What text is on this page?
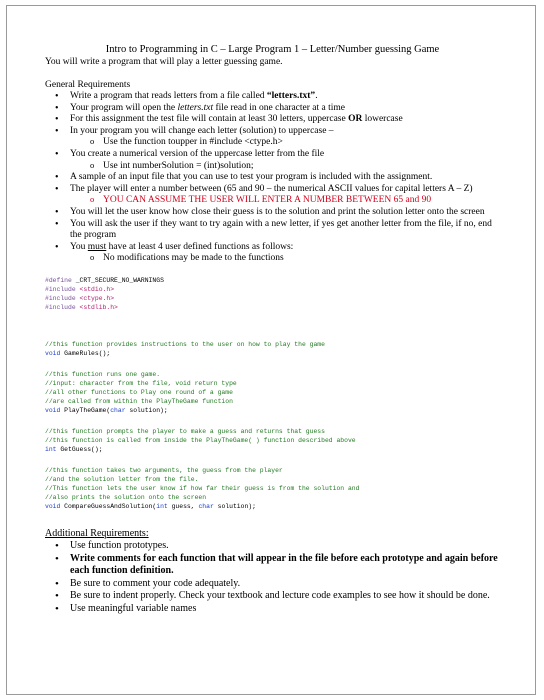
Intro to Programming in C – Large Program 1 – Letter/Number guessing Game

You will write a program that will play a letter guessing game.

General Requirements

• Write a program that reads letters from a file called “letters.txt”.
• Your program will open the letters.txt file read in one character at a time
• For this assignment the test file will contain at least 30 letters, uppercase OR lowercase
• In your program you will change each letter (solution) to uppercase –
o Use the function toupper in #include <ctype.h>
• You create a numerical version of the uppercase letter from the file
o Use int numberSolution = (int)solution;
• A sample of an input file that you can use to test your program is included with the assignment.
• The player will enter a number between (65 and 90 – the numerical ASCII values for capital letters A – Z)
o YOU CAN ASSUME THE USER WILL ENTER A NUMBER BETWEEN 65 and 90
• You will let the user know how close their guess is to the solution and print the solution letter onto the screen
• You will ask the user if they want to try again with a new letter, if yes get another letter from the file, if no, end the program
• You must have at least 4 user defined functions as follows:
o No modifications may be made to the functions
#define _CRT_SECURE_NO_WARNINGS
#include <stdio.h>
#include <ctype.h>
#include <stdlib.h>
//this function provides instructions to the user on how to play the game
void GameRules();
//this function runs one game.
//input: character from the file, void return type
//all other functions to Play one round of a game
//are called from within the PlayTheGame function
void PlayTheGame(char solution);
//this function prompts the player to make a guess and returns that guess
//this function is called from inside the PlayTheGame( ) function described above
int GetGuess();
//this function takes two arguments, the guess from the player
//and the solution letter from the file.
//This function lets the user know if how far their guess is from the solution and
//also prints the solution onto the screen
void CompareGuessAndSolution(int guess, char solution);

Additional Requirements:

• Use function prototypes.
• Write comments for each function that will appear in the file before each prototype and again before each function definition.
• Be sure to comment your code adequately.
• Be sure to indent properly. Check your textbook and lecture code examples to see how it should be done.
• Use meaningful variable names
